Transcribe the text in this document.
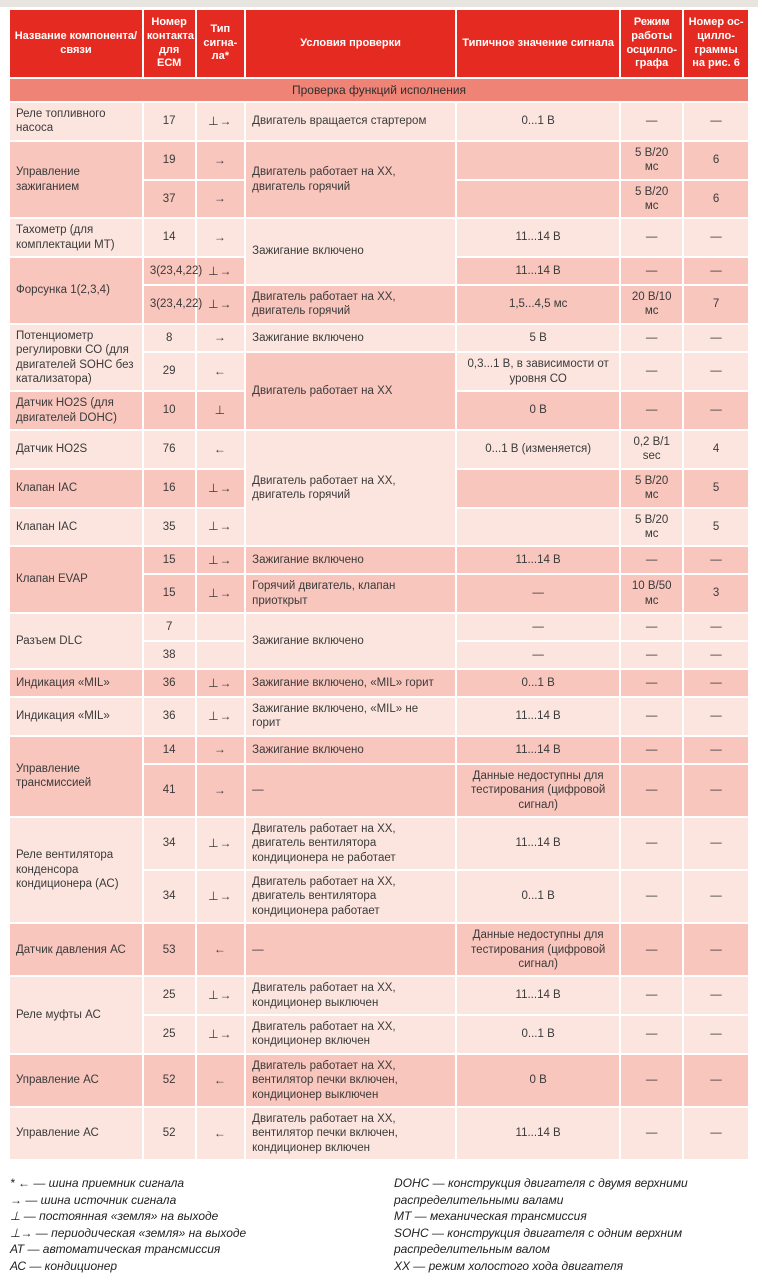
Название компонента/связи	Номер контакта для ЕСМ	Тип сигна- ла*	Условия проверки	Типичное значение сигнала	Режим работы осцилло- графа	Номер ос- цилло- граммы на рис. 6
Проверка функций исполнения						
Реле топливного насоса	17	⊥→	Двигатель вращается стартером	0...1 В	—	—
Управление зажиганием	19	→	Двигатель работает на ХХ, двигатель горячий		5 В/20 мс	6
	37	→			5 В/20 мс	6
Тахометр (для комплектации МТ)	14	→	Зажигание включено	11...14 В	—	—
Форсунка 1(2,3,4)	3(23,4,22)	⊥→		11...14 В	—	—
	3(23,4,22)	⊥→	Двигатель работает на ХХ, двигатель горячий	1,5...4,5 мс	20 В/10 мс	7
Потенциометр регулировки СО (для двигателей SOHC без катализатора)	8	→	Зажигание включено	5 В	—	—
	29	←	Двигатель работает на ХХ	0,3...1 В, в зависимости от уровня СО	—	—
Датчик HO2S (для двигателей DOHC)	10	⊥		0 В	—	—
Датчик HO2S	76	←	Двигатель работает на ХХ, двигатель горячий	0...1 В (изменяется)	0,2 В/1 sec	4
Клапан IAC	16	⊥→			5 В/20 мс	5
Клапан IAC	35	⊥→			5 В/20 мс	5
Клапан EVAP	15	⊥→	Зажигание включено	11...14 В	—	—
	15	⊥→	Горячий двигатель, клапан приоткрыт	—	10 В/50 мс	3
Разъем DLC	7		Зажигание включено	—	—	—
	38			—	—	—
Индикация «MIL»	36	⊥→	Зажигание включено, «MIL» горит	0...1 В	—	—
Индикация «MIL»	36	⊥→	Зажигание включено, «MIL» не горит	11...14 В	—	—
Управление трансмиссией	14	→	Зажигание включено	11...14 В	—	—
	41	→	—	Данные недоступны для тестирования (цифровой сигнал)	—	—
Реле вентилятора конденсора кондиционера (АС)	34	⊥→	Двигатель работает на ХХ, двигатель вентилятора кондиционера не работает	11...14 В	—	—
	34	⊥→	Двигатель работает на ХХ, двигатель вентилятора кондиционера работает	0...1 В	—	—
Датчик давления АС	53	←	—	Данные недоступны для тестирования (цифровой сигнал)	—	—
Реле муфты АС	25	⊥→	Двигатель работает на ХХ, кондиционер выключен	11...14 В	—	—
	25	⊥→	Двигатель работает на ХХ, кондиционер включен	0...1 В	—	—
Управление АС	52	←	Двигатель работает на ХХ, вентилятор печки включен, кондиционер выключен	0 В	—	—
Управление АС	52	←	Двигатель работает на ХХ, вентилятор печки включен, кондиционер включен	11...14 В	—	—
* ← — шина приемник сигнала
→ — шина источник сигнала
⊥ — постоянная «земля» на выходе
⊥→ — периодическая «земля» на выходе
АТ — автоматическая трансмиссия
АС — кондиционер
DOHC — конструкция двигателя с двумя верхними распределительными валами
МТ — механическая трансмиссия
SOHC — конструкция двигателя с одним верхним распределительным валом
ХХ — режим холостого хода двигателя
